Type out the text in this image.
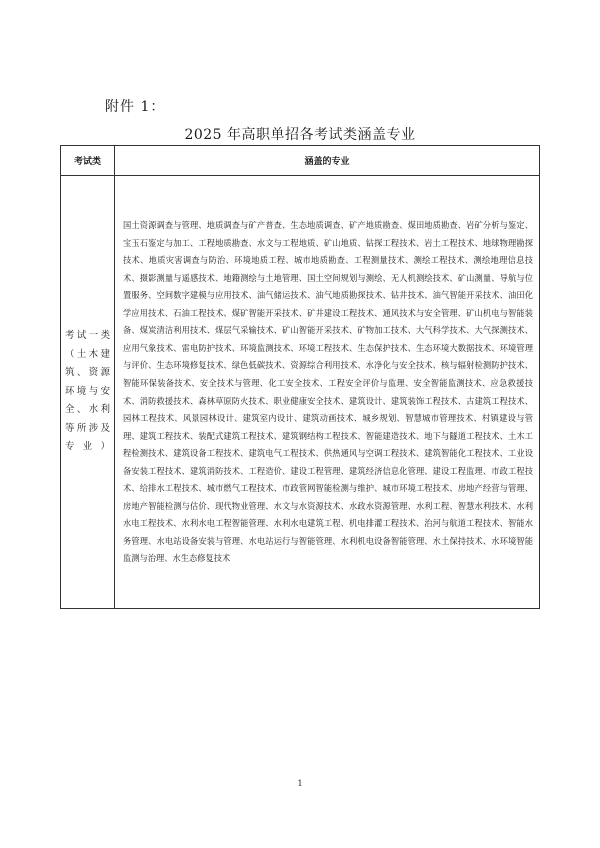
附件 1：
2025 年高职单招各考试类涵盖专业
考试类	涵盖的专业

考试一类（土木建筑、资源环境与安全、水利等所涉及专业）	国土资源调查与管理、地质调查与矿产普查、生态地质调查、矿产地质勘查、煤田地质勘查、岩矿分析与鉴定、宝玉石鉴定与加工、工程地质勘查、水文与工程地质、矿山地质、钻探工程技术、岩土工程技术、地球物理勘探技术、地质灾害调查与防治、环境地质工程、城市地质勘查、工程测量技术、测绘工程技术、测绘地理信息技术、摄影测量与遥感技术、地籍测绘与土地管理、国土空间规划与测绘、无人机测绘技术、矿山测量、导航与位置服务、空间数字建模与应用技术、油气储运技术、油气地质勘探技术、钻井技术、油气智能开采技术、油田化学应用技术、石油工程技术、煤矿智能开采技术、矿井建设工程技术、通风技术与安全管理、矿山机电与智能装备、煤炭清洁利用技术、煤层气采输技术、矿山智能开采技术、矿物加工技术、大气科学技术、大气探测技术、应用气象技术、雷电防护技术、环境监测技术、环境工程技术、生态保护技术、生态环境大数据技术、环境管理与评价、生态环境修复技术、绿色低碳技术、资源综合利用技术、水净化与安全技术、核与辐射检测防护技术、智能环保装备技术、安全技术与管理、化工安全技术、工程安全评价与监理、安全智能监测技术、应急救援技术、消防救援技术、森林草原防火技术、职业健康安全技术、建筑设计、建筑装饰工程技术、古建筑工程技术、园林工程技术、风景园林设计、建筑室内设计、建筑动画技术、城乡规划、智慧城市管理技术、村镇建设与管理、建筑工程技术、装配式建筑工程技术、建筑钢结构工程技术、智能建造技术、地下与隧道工程技术、土木工程检测技术、建筑设备工程技术、建筑电气工程技术、供热通风与空调工程技术、建筑智能化工程技术、工业设备安装工程技术、建筑消防技术、工程造价、建设工程管理、建筑经济信息化管理、建设工程监理、市政工程技术、给排水工程技术、城市燃气工程技术、市政管网智能检测与维护、城市环境工程技术、房地产经营与管理、房地产智能检测与估价、现代物业管理、水文与水资源技术、水政水资源管理、水利工程、智慧水利技术、水利水电工程技术、水利水电工程智能管理、水利水电建筑工程、机电排灌工程技术、治河与航道工程技术、智能水务管理、水电站设备安装与管理、水电站运行与智能管理、水利机电设备智能管理、水土保持技术、水环境智能监测与治理、水生态修复技术
1
